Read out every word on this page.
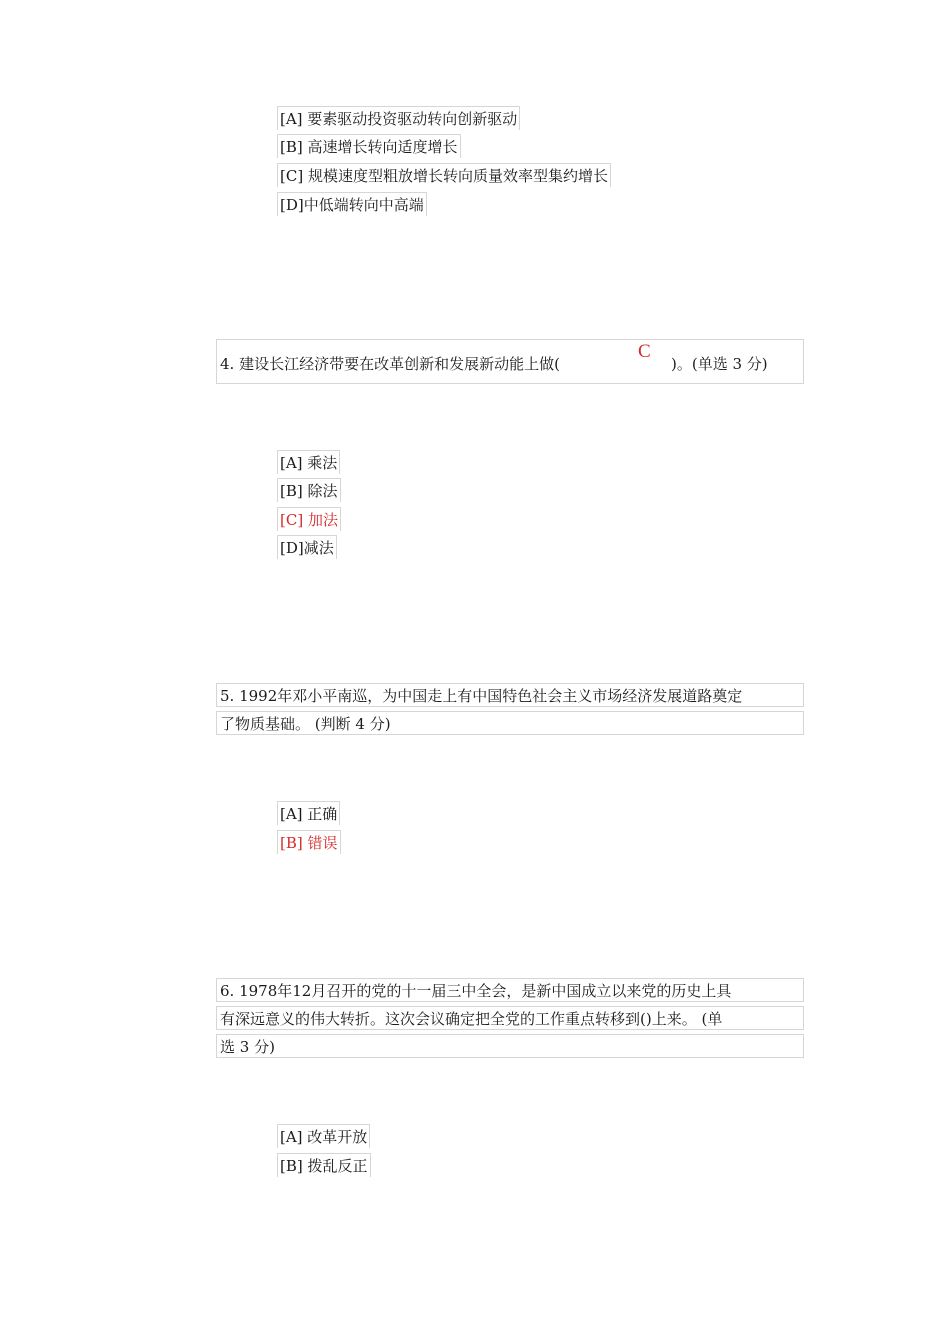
[A] 要素驱动投资驱动转向创新驱动
[B] 高速增长转向适度增长
[C] 规模速度型粗放增长转向质量效率型集约增长
[D]中低端转向中高端
4. 建设长江经济带要在改革创新和发展新动能上做(	)。(单选 3 分)
C
[A] 乘法
[B] 除法
[C] 加法
[D]减法
5. 1992年邓小平南巡，为中国走上有中国特色社会主义市场经济发展道路奠定
了物质基础。 (判断 4 分)
[A] 正确
[B] 错误
6. 1978年12月召开的党的十一届三中全会，是新中国成立以来党的历史上具
有深远意义的伟大转折。这次会议确定把全党的工作重点转移到()上来。 (单
选 3 分)
[A] 改革开放
[B] 拨乱反正
